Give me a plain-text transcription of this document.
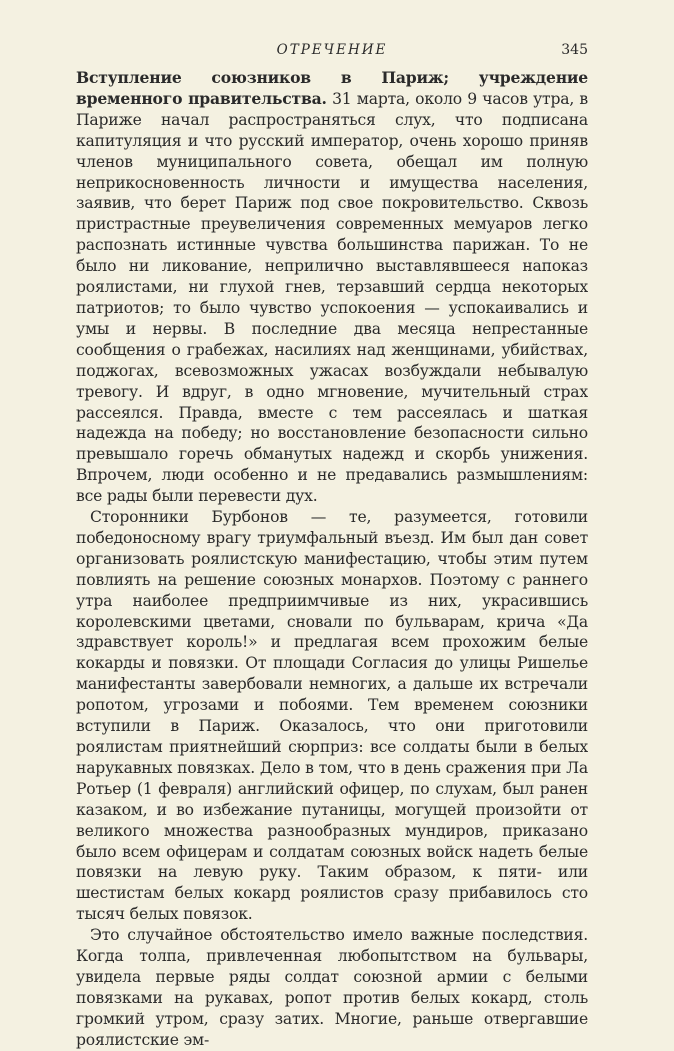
ОТРЕЧЕНИЕ	345

Вступление союзников в Париж; учреждение временного правительства. 31 марта, около 9 часов утра, в Париже начал распространяться слух, что подписана капитуляция и что русский император, очень хорошо приняв членов муниципального совета, обещал им полную неприкосновенность личности и имущества населения, заявив, что берет Париж под свое покровительство. Сквозь пристрастные преувеличения современных мемуаров легко распознать истинные чувства большинства парижан. То не было ни ликование, неприлично выставлявшееся напоказ роялистами, ни глухой гнев, терзавший сердца некоторых патриотов; то было чувство успокоения — успокаивались и умы и нервы. В последние два месяца непрестанные сообщения о грабежах, насилиях над женщинами, убийствах, поджогах, всевозможных ужасах возбуждали небывалую тревогу. И вдруг, в одно мгновение, мучительный страх рассеялся. Правда, вместе с тем рассеялась и шаткая надежда на победу; но восстановление безопасности сильно превышало горечь обманутых надежд и скорбь унижения. Впрочем, люди особенно и не предавались размышлениям: все рады были перевести дух.

Сторонники Бурбонов — те, разумеется, готовили победоносному врагу триумфальный въезд. Им был дан совет организовать роялистскую манифестацию, чтобы этим путем повлиять на решение союзных монархов. Поэтому с раннего утра наиболее предприимчивые из них, украсившись королевскими цветами, сновали по бульварам, крича «Да здравствует король!» и предлагая всем прохожим белые кокарды и повязки. От площади Согласия до улицы Ришелье манифестанты завербовали немногих, а дальше их встречали ропотом, угрозами и побоями. Тем временем союзники вступили в Париж. Оказалось, что они приготовили роялистам приятнейший сюрприз: все солдаты были в белых нарукавных повязках. Дело в том, что в день сражения при Ла Ротьер (1 февраля) английский офицер, по слухам, был ранен казаком, и во избежание путаницы, могущей произойти от великого множества разнообразных мундиров, приказано было всем офицерам и солдатам союзных войск надеть белые повязки на левую руку. Таким образом, к пяти- или шестистам белых кокард роялистов сразу прибавилось сто тысяч белых повязок.

Это случайное обстоятельство имело важные последствия. Когда толпа, привлеченная любопытством на бульвары, увидела первые ряды солдат союзной армии с белыми повязками на рукавах, ропот против белых кокард, столь громкий утром, сразу затих. Многие, раньше отвергавшие роялистские эм-
